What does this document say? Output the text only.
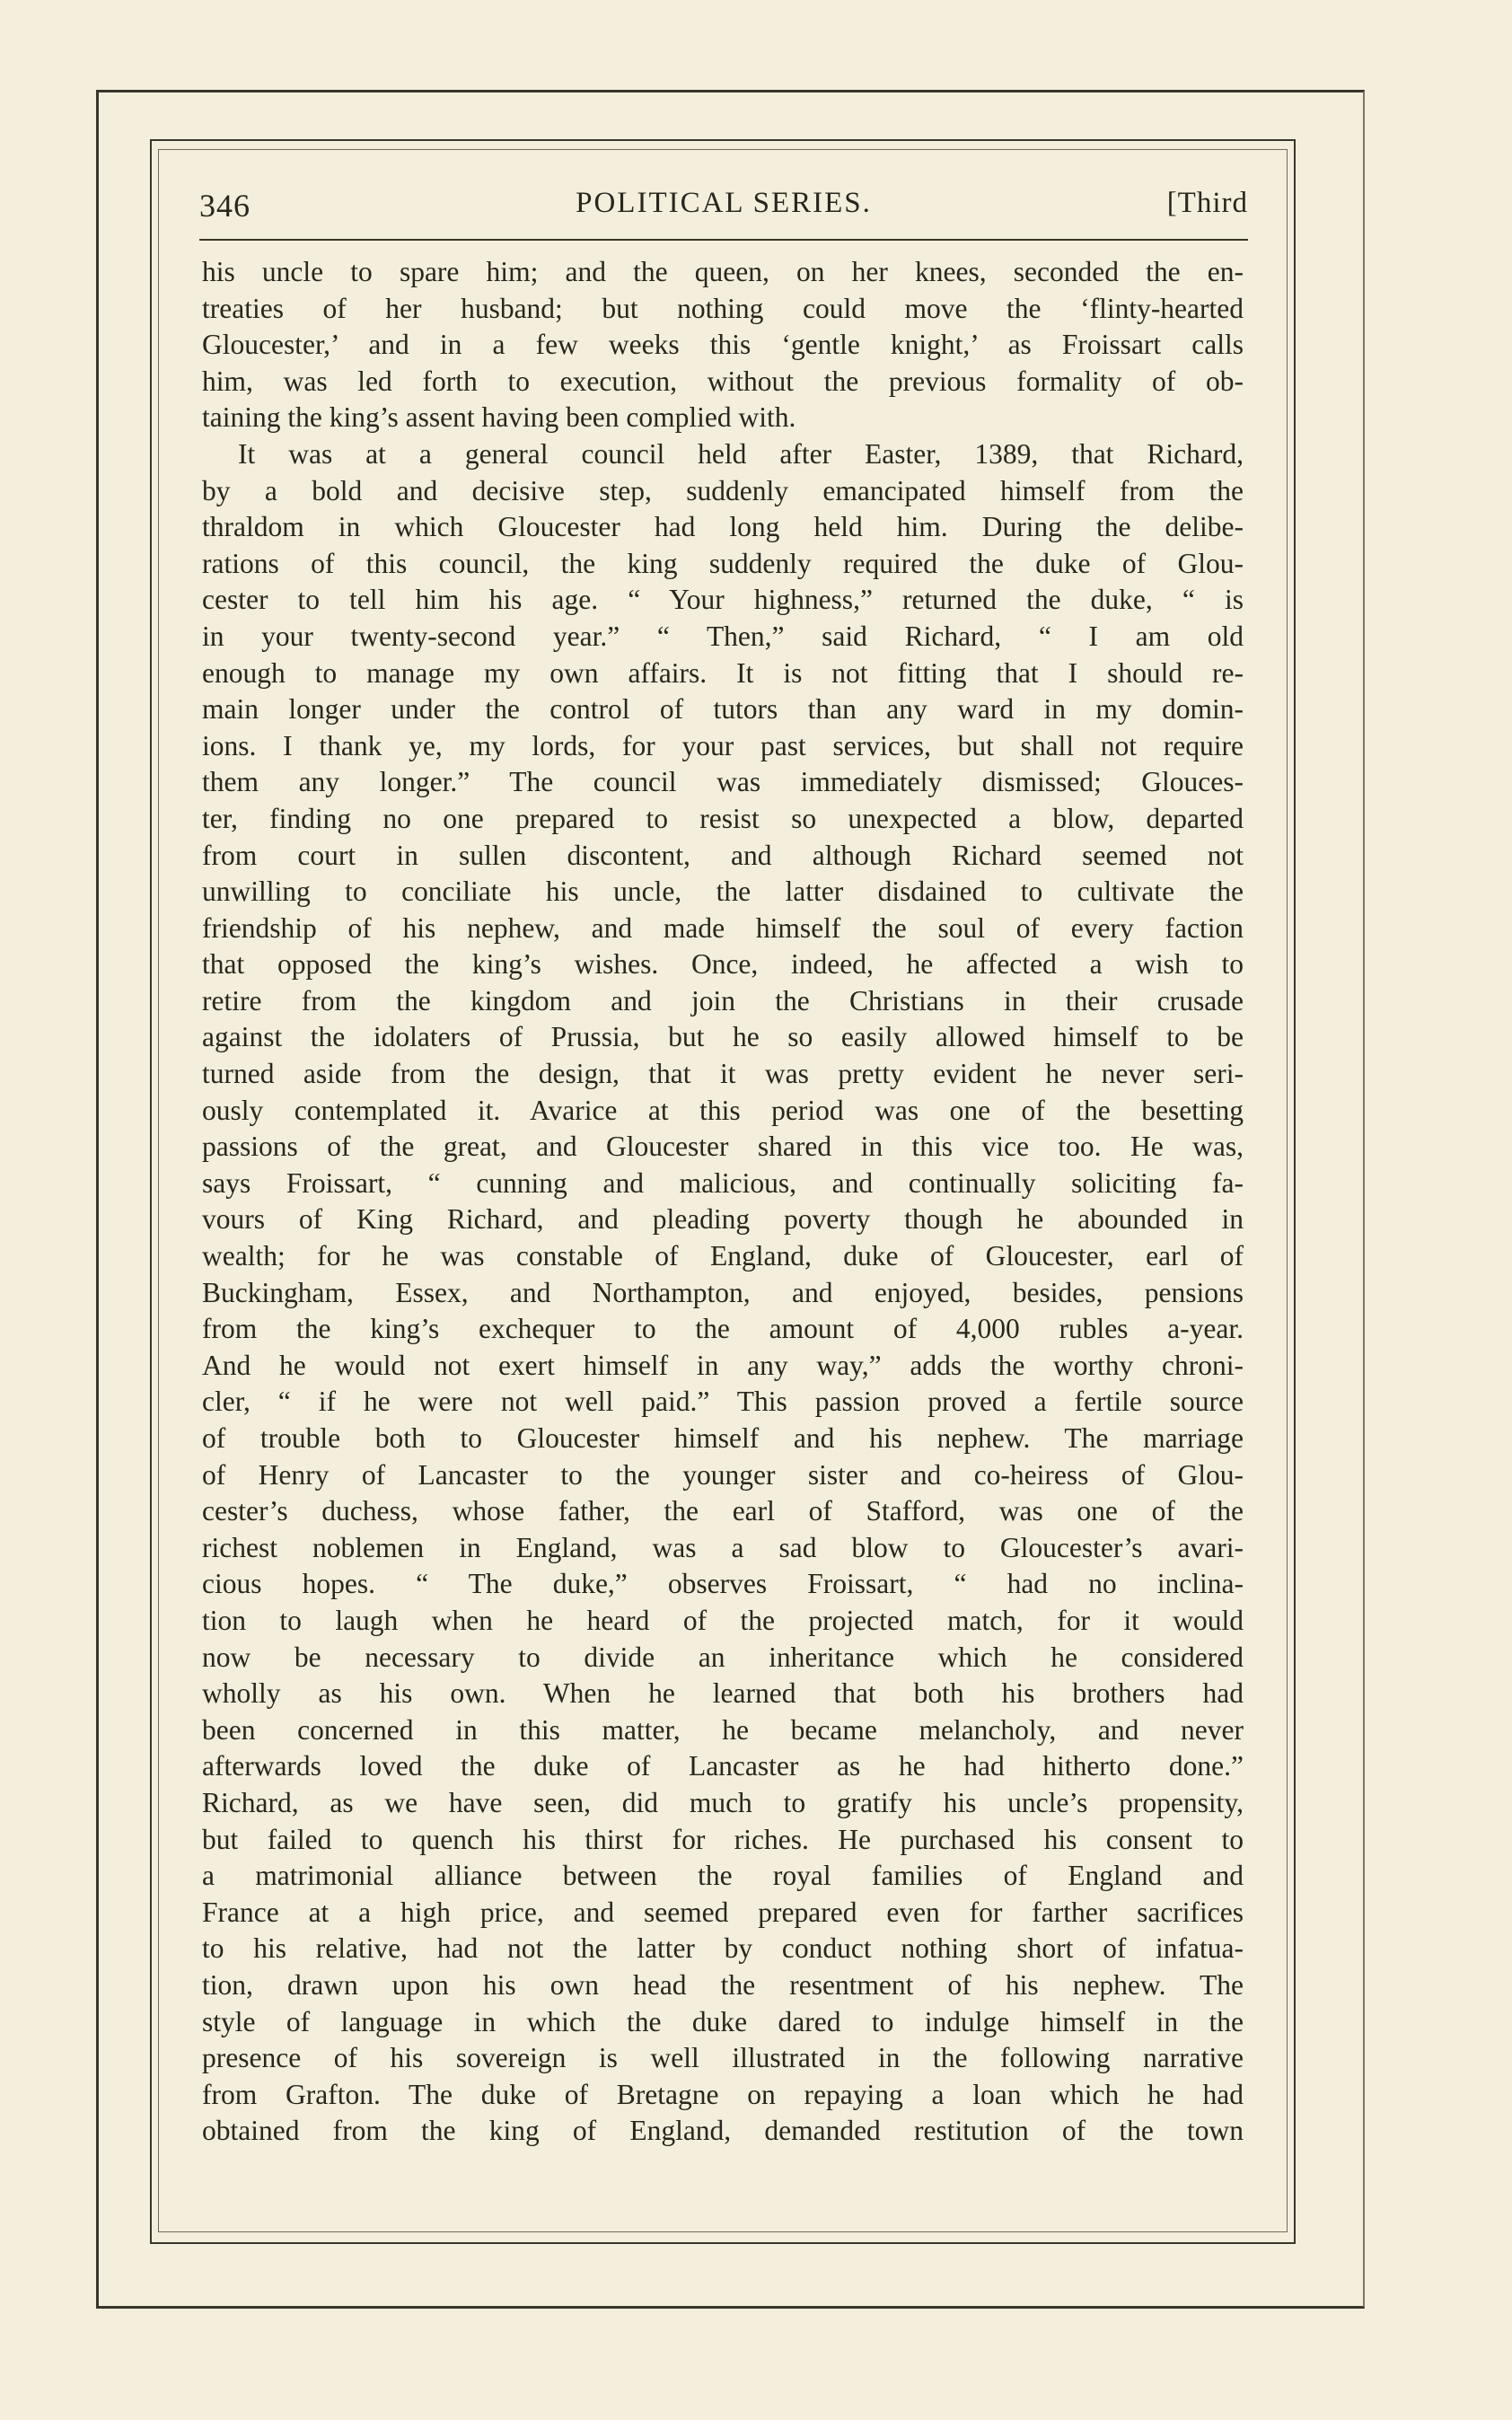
346	POLITICAL SERIES.	[Third
his uncle to spare him; and the queen, on her knees, seconded the en-
treaties of her husband; but nothing could move the ‘flinty-hearted
Gloucester,’ and in a few weeks this ‘gentle knight,’ as Froissart calls
him, was led forth to execution, without the previous formality of ob-
taining the king’s assent having been complied with.
It was at a general council held after Easter, 1389, that Richard,
by a bold and decisive step, suddenly emancipated himself from the
thraldom in which Gloucester had long held him. During the delibe-
rations of this council, the king suddenly required the duke of Glou-
cester to tell him his age. “ Your highness,” returned the duke, “ is
in your twenty-second year.” “ Then,” said Richard, “ I am old
enough to manage my own affairs. It is not fitting that I should re-
main longer under the control of tutors than any ward in my domin-
ions. I thank ye, my lords, for your past services, but shall not require
them any longer.” The council was immediately dismissed; Glouces-
ter, finding no one prepared to resist so unexpected a blow, departed
from court in sullen discontent, and although Richard seemed not
unwilling to conciliate his uncle, the latter disdained to cultivate the
friendship of his nephew, and made himself the soul of every faction
that opposed the king’s wishes. Once, indeed, he affected a wish to
retire from the kingdom and join the Christians in their crusade
against the idolaters of Prussia, but he so easily allowed himself to be
turned aside from the design, that it was pretty evident he never seri-
ously contemplated it. Avarice at this period was one of the besetting
passions of the great, and Gloucester shared in this vice too. He was,
says Froissart, “ cunning and malicious, and continually soliciting fa-
vours of King Richard, and pleading poverty though he abounded in
wealth; for he was constable of England, duke of Gloucester, earl of
Buckingham, Essex, and Northampton, and enjoyed, besides, pensions
from the king’s exchequer to the amount of 4,000 rubles a-year.
And he would not exert himself in any way,” adds the worthy chroni-
cler, “ if he were not well paid.” This passion proved a fertile source
of trouble both to Gloucester himself and his nephew. The marriage
of Henry of Lancaster to the younger sister and co-heiress of Glou-
cester’s duchess, whose father, the earl of Stafford, was one of the
richest noblemen in England, was a sad blow to Gloucester’s avari-
cious hopes. “ The duke,” observes Froissart, “ had no inclina-
tion to laugh when he heard of the projected match, for it would
now be necessary to divide an inheritance which he considered
wholly as his own. When he learned that both his brothers had
been concerned in this matter, he became melancholy, and never
afterwards loved the duke of Lancaster as he had hitherto done.”
Richard, as we have seen, did much to gratify his uncle’s propensity,
but failed to quench his thirst for riches. He purchased his consent to
a matrimonial alliance between the royal families of England and
France at a high price, and seemed prepared even for farther sacrifices
to his relative, had not the latter by conduct nothing short of infatua-
tion, drawn upon his own head the resentment of his nephew. The
style of language in which the duke dared to indulge himself in the
presence of his sovereign is well illustrated in the following narrative
from Grafton. The duke of Bretagne on repaying a loan which he had
obtained from the king of England, demanded restitution of the town
